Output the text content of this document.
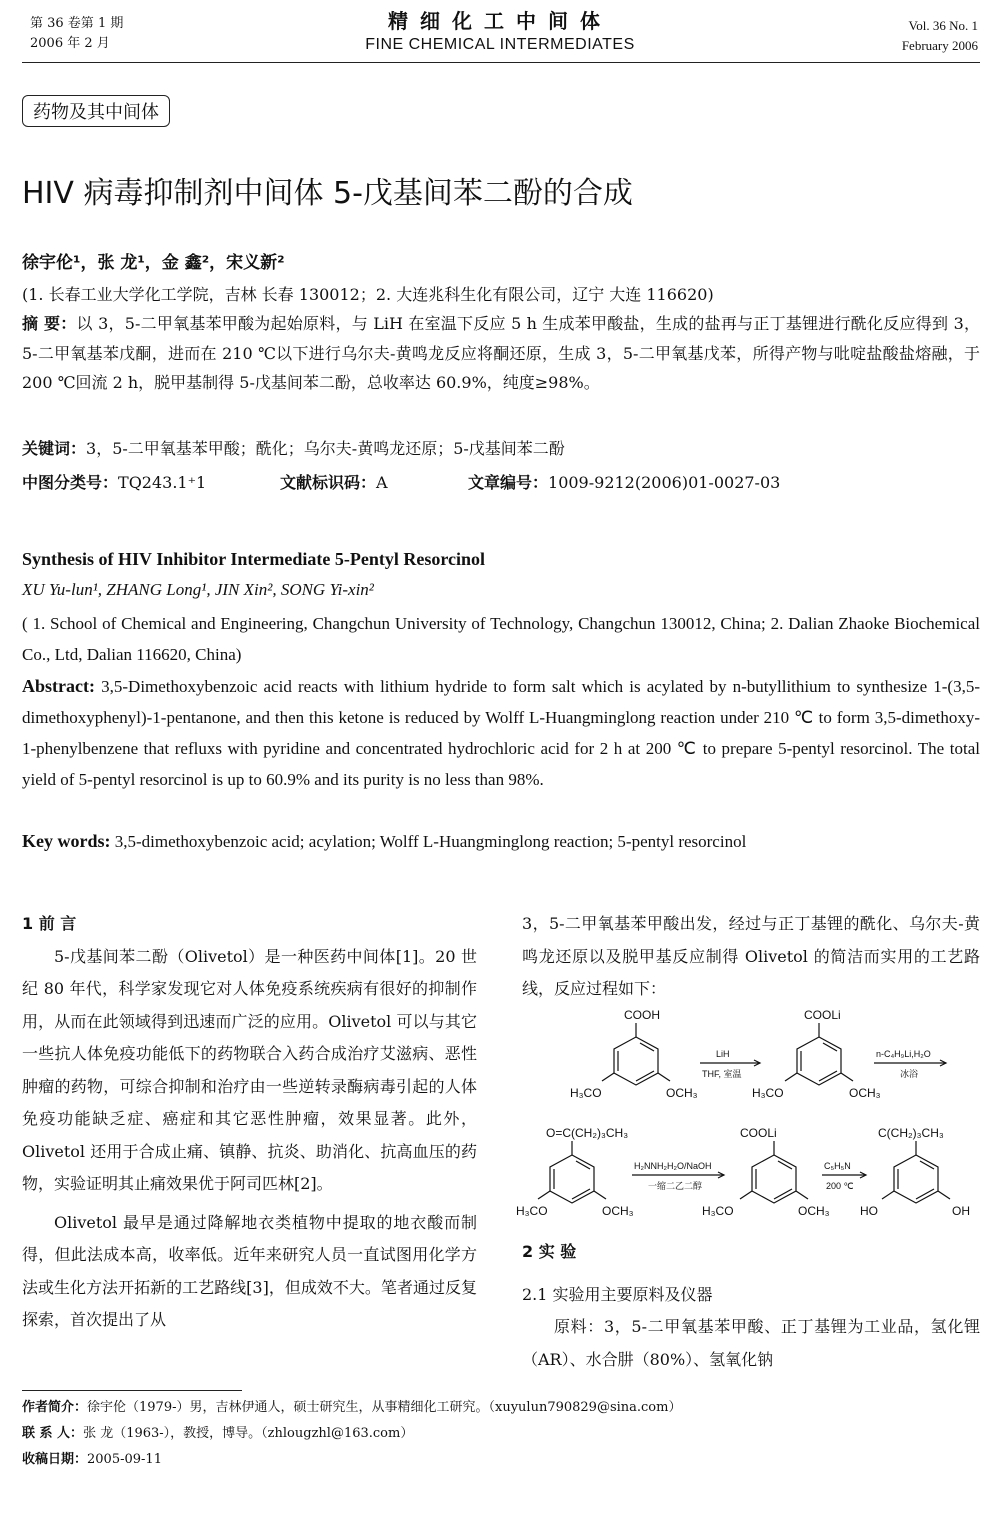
第 36 卷第 1 期
2006 年 2 月
精细化工中间体
FINE CHEMICAL INTERMEDIATES
Vol. 36 No. 1
February 2006
药物及其中间体
HIV 病毒抑制剂中间体 5-戊基间苯二酚的合成
徐宇伦¹，张 龙¹，金 鑫²，宋义新²
(1. 长春工业大学化工学院，吉林 长春 130012；2. 大连兆科生化有限公司，辽宁 大连 116620)
摘 要：以 3，5-二甲氧基苯甲酸为起始原料，与 LiH 在室温下反应 5 h 生成苯甲酸盐，生成的盐再与正丁基锂进行酰化反应得到 3，5-二甲氧基苯戊酮，进而在 210 ℃以下进行乌尔夫-黄鸣龙反应将酮还原，生成 3，5-二甲氧基戊苯，所得产物与吡啶盐酸盐熔融，于 200 ℃回流 2 h，脱甲基制得 5-戊基间苯二酚，总收率达 60.9%，纯度≥98%。
关键词：3，5-二甲氧基苯甲酸；酰化；乌尔夫-黄鸣龙还原；5-戊基间苯二酚
中图分类号：TQ243.1⁺1	文献标识码：A	文章编号：1009-9212(2006)01-0027-03
Synthesis of HIV Inhibitor Intermediate 5-Pentyl Resorcinol
XU Yu-lun¹, ZHANG Long¹, JIN Xin², SONG Yi-xin²
( 1. School of Chemical and Engineering, Changchun University of Technology, Changchun 130012, China; 2. Dalian Zhaoke Biochemical Co., Ltd, Dalian 116620, China)
Abstract: 3,5-Dimethoxybenzoic acid reacts with lithium hydride to form salt which is acylated by n-butyllithium to synthesize 1-(3,5-dimethoxyphenyl)-1-pentanone, and then this ketone is reduced by Wolff L-Huangminglong reaction under 210 ℃ to form 3,5-dimethoxy-1-phenylbenzene that refluxs with pyridine and concentrated hydrochloric acid for 2 h at 200 ℃ to prepare 5-pentyl resorcinol. The total yield of 5-pentyl resorcinol is up to 60.9% and its purity is no less than 98%.
Key words: 3,5-dimethoxybenzoic acid; acylation; Wolff L-Huangminglong reaction; 5-pentyl resorcinol
1 前 言
5-戊基间苯二酚（Olivetol）是一种医药中间体[1]。20 世纪 80 年代，科学家发现它对人体免疫系统疾病有很好的抑制作用，从而在此领域得到迅速而广泛的应用。Olivetol 可以与其它一些抗人体免疫功能低下的药物联合入药合成治疗艾滋病、恶性肿瘤的药物，可综合抑制和治疗由一些逆转录酶病毒引起的人体免疫功能缺乏症、癌症和其它恶性肿瘤，效果显著。此外，Olivetol 还用于合成止痛、镇静、抗炎、助消化、抗高血压的药物，实验证明其止痛效果优于阿司匹林[2]。
Olivetol 最早是通过降解地衣类植物中提取的地衣酸而制得，但此法成本高，收率低。近年来研究人员一直试图用化学方法或生化方法开拓新的工艺路线[3]，但成效不大。笔者通过反复探索，首次提出了从
3，5-二甲氧基苯甲酸出发，经过与正丁基锂的酰化、乌尔夫-黄鸣龙还原以及脱甲基反应制得 Olivetol 的简洁而实用的工艺路线，反应过程如下：
COOH
H₃CO	OCH₃
LiH
THF, 室温
COOLi
H₃CO	OCH₃
n-C₄H₉Li,H₂O
冰浴
O=C(CH₂)₃CH₃
H₃CO	OCH₃
H₂NNH₂H₂O/NaOH
一缩二乙二醇
COOLi
H₃CO	OCH₃
C₅H₅N
200 ℃
C(CH₂)₃CH₃
HO	OH
2 实 验
2.1 实验用主要原料及仪器
原料：3，5-二甲氧基苯甲酸、正丁基锂为工业品，氢化锂（AR）、水合肼（80%）、氢氧化钠
作者简介：徐宇伦（1979-）男，吉林伊通人，硕士研究生，从事精细化工研究。（xuyulun790829@sina.com）
联 系 人：张 龙（1963-），教授，博导。（zhlougzhl@163.com）
收稿日期：2005-09-11
